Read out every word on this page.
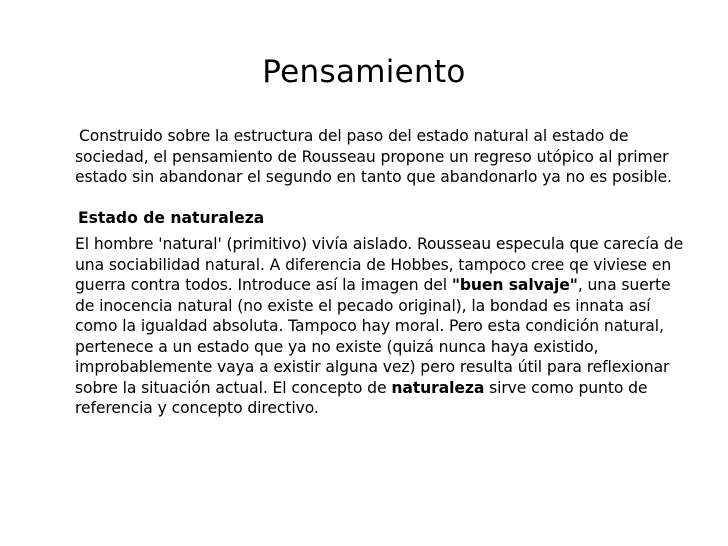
Pensamiento

Construido sobre la estructura del paso del estado natural al estado de sociedad, el pensamiento de Rousseau propone un regreso utópico al primer estado sin abandonar el segundo en tanto que abandonarlo ya no es posible.

Estado de naturaleza

El hombre 'natural' (primitivo) vivía aislado. Rousseau especula que carecía de una sociabilidad natural. A diferencia de Hobbes, tampoco cree qe viviese en guerra contra todos. Introduce así la imagen del "buen salvaje", una suerte de inocencia natural (no existe el pecado original), la bondad es innata así como la igualdad absoluta. Tampoco hay moral. Pero esta condición natural, pertenece a un estado que ya no existe (quizá nunca haya existido, improbablemente vaya a existir alguna vez) pero resulta útil para reflexionar sobre la situación actual. El concepto de naturaleza sirve como punto de referencia y concepto directivo.
